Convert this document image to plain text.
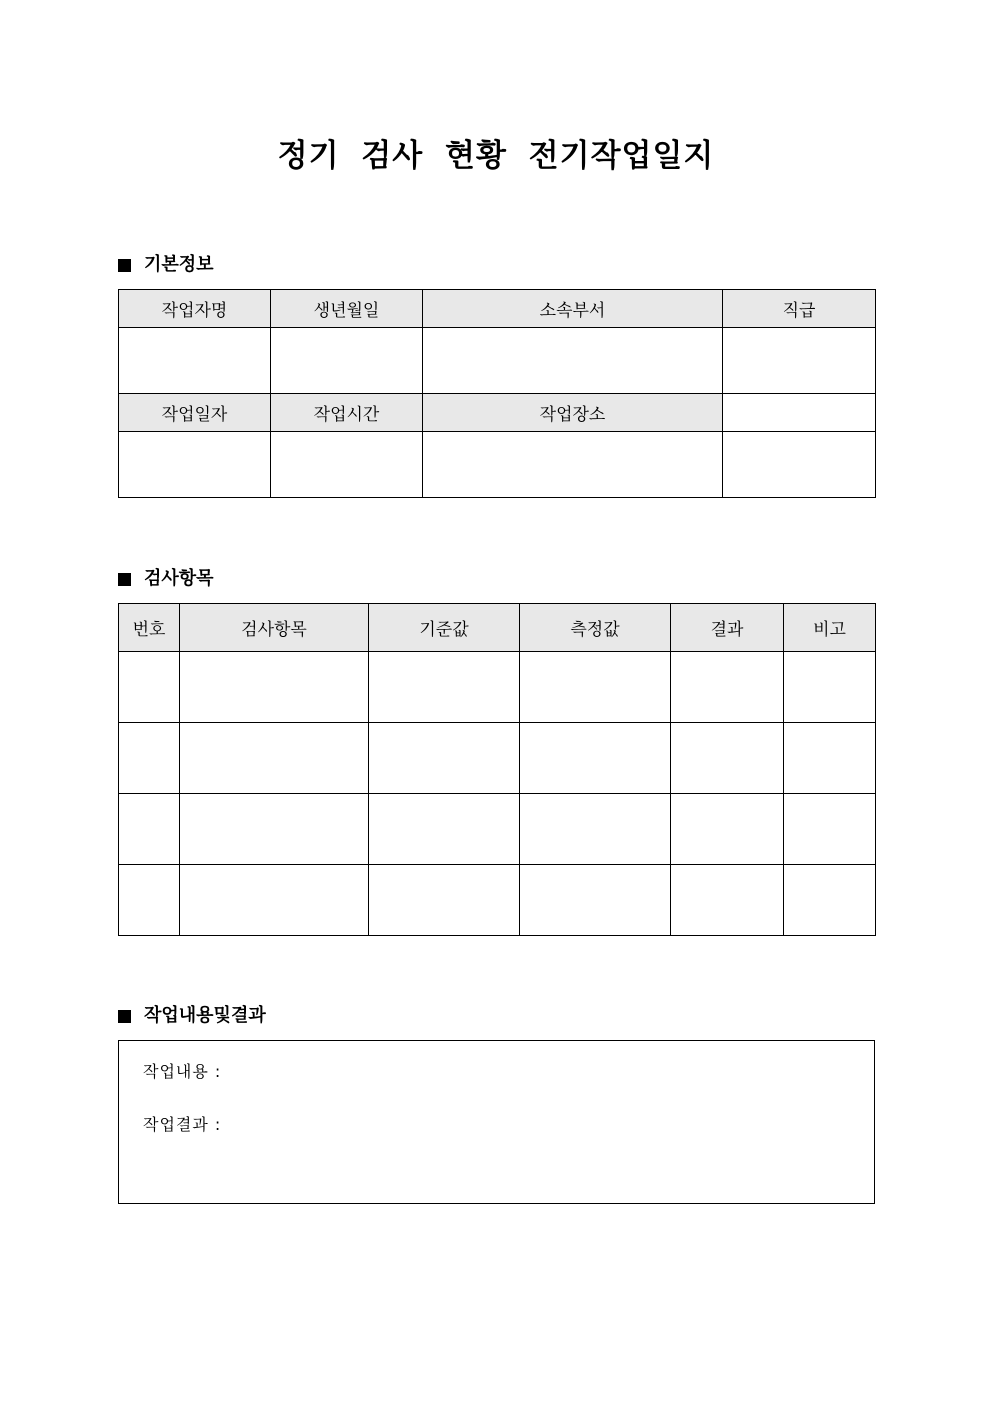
정기 검사 현황 전기작업일지
기본정보
작업자명	생년월일	소속부서	직급

작업일자	작업시간	작업장소	

검사항목
번호	검사항목	기준값	측정값	결과	비고

작업내용및결과
작업내용 :
작업결과 :
